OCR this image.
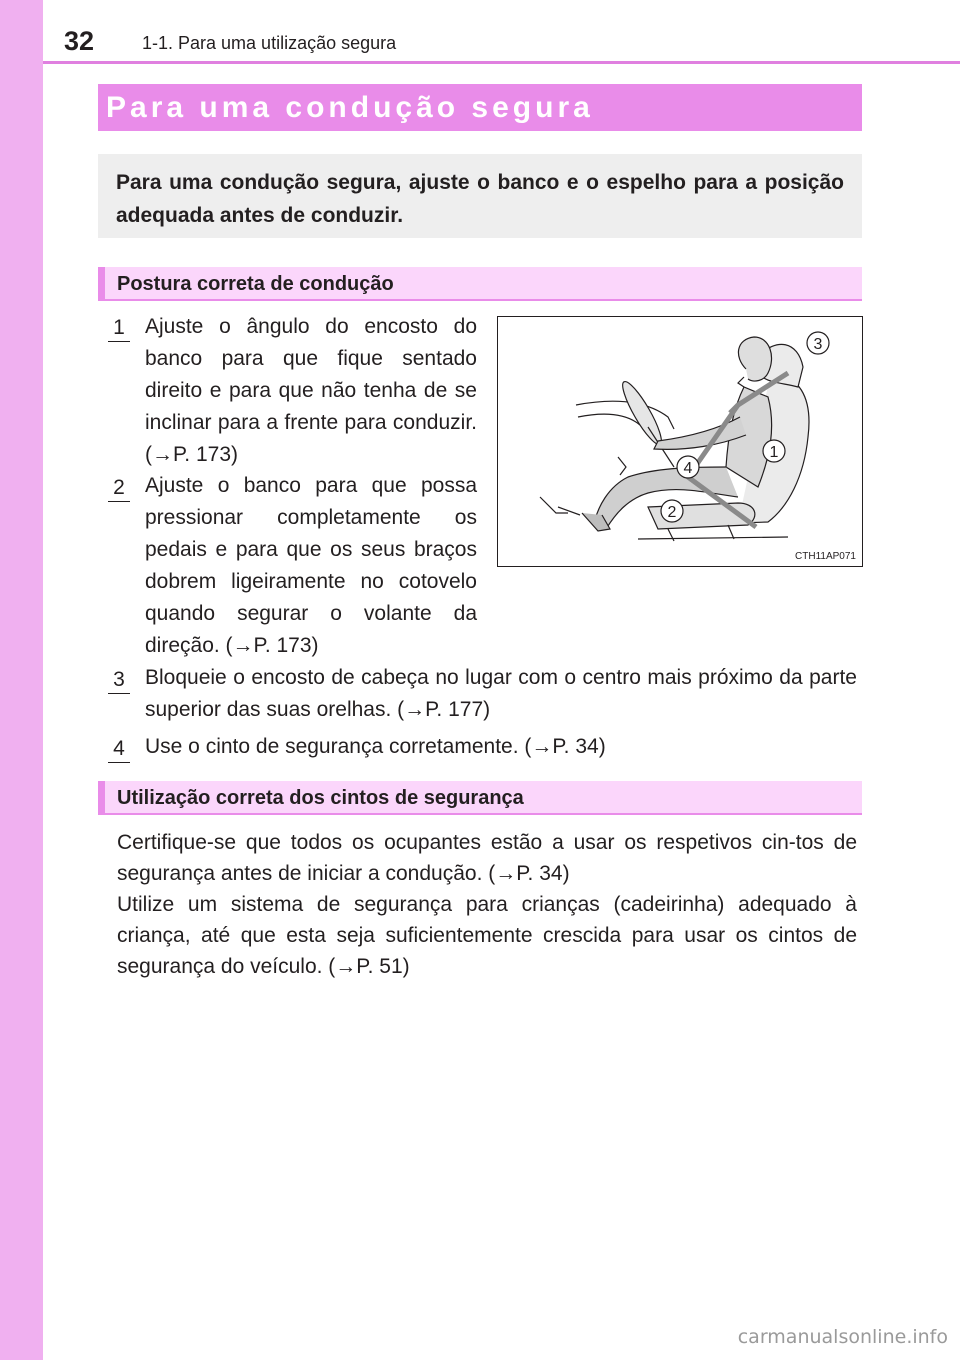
32	1-1. Para uma utilização segura
Para uma condução segura

Para uma condução segura, ajuste o banco e o espelho para a posição adequada antes de conduzir.

Postura correta de condução
1 Ajuste o ângulo do encosto do banco para que fique sentado direito e para que não tenha de se inclinar para a frente para conduzir. (→P. 173)
2 Ajuste o banco para que possa pressionar completamente os pedais e para que os seus braços dobrem ligeiramente no cotovelo quando segurar o volante da direção. (→P. 173)
3 Bloqueie o encosto de cabeça no lugar com o centro mais próximo da parte superior das suas orelhas. (→P. 177)
4 Use o cinto de segurança corretamente. (→P. 34)
3
1
4
2
CTH11AP071
Utilização correta dos cintos de segurança

Certifique-se que todos os ocupantes estão a usar os respetivos cin-tos de segurança antes de iniciar a condução. (→P. 34)

Utilize um sistema de segurança para crianças (cadeirinha) adequado à criança, até que esta seja suficientemente crescida para usar os cintos de segurança do veículo. (→P. 51)

carmanualsonline.info
